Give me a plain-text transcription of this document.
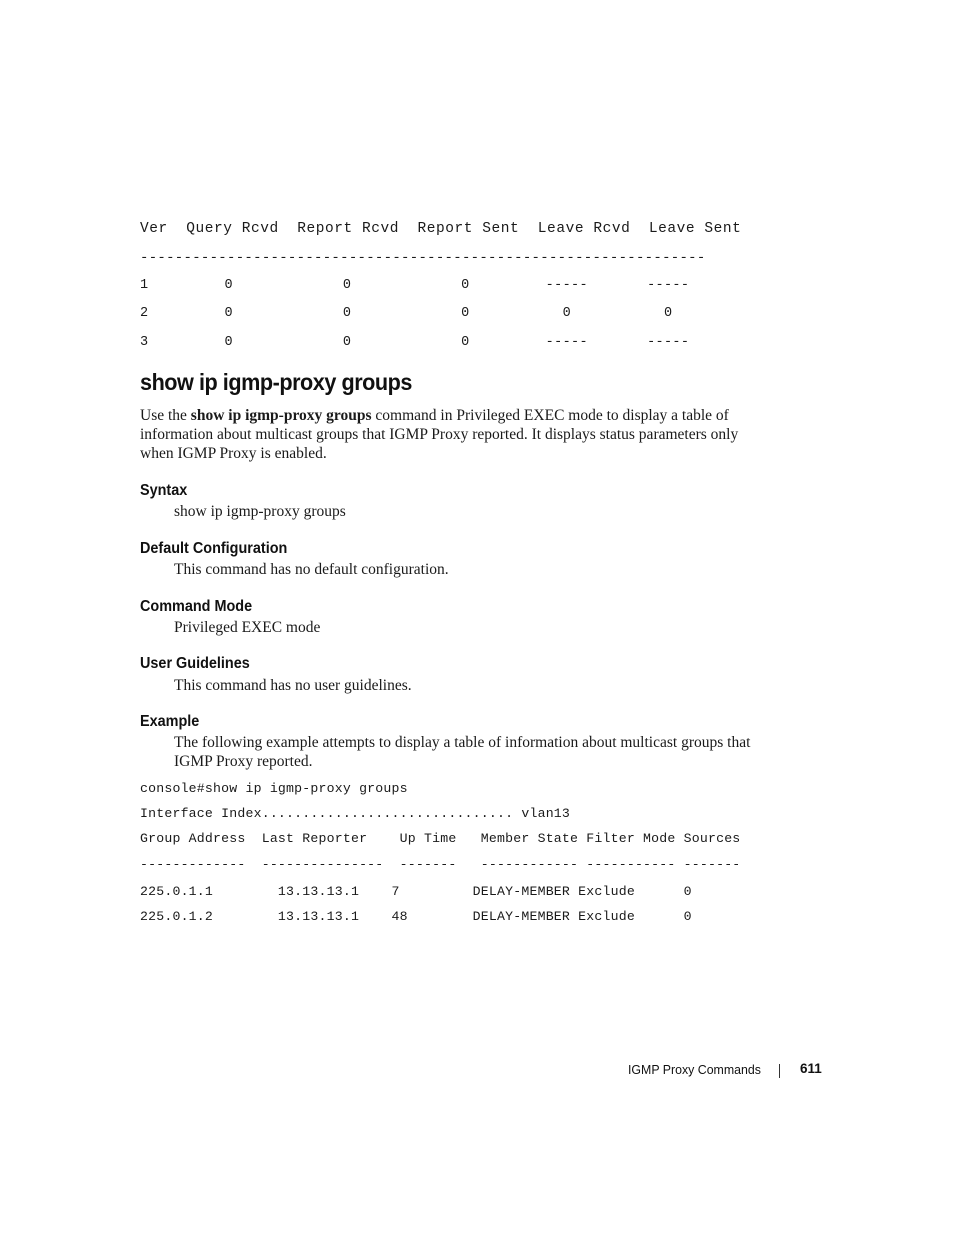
Ver  Query Rcvd  Report Rcvd  Report Sent  Leave Rcvd  Leave Sent
-----------------------------------------------------------------
1         0             0             0         -----       -----
2         0             0             0           0           0
3         0             0             0         -----       -----
show ip igmp-proxy groups
Use the show ip igmp-proxy groups command in Privileged EXEC mode to display a table of information about multicast groups that IGMP Proxy reported. It displays status parameters only when IGMP Proxy is enabled.
Syntax
show ip igmp-proxy groups
Default Configuration
This command has no default configuration.
Command Mode
Privileged EXEC mode
User Guidelines
This command has no user guidelines.
Example
The following example attempts to display a table of information about multicast groups that IGMP Proxy reported.
console#show ip igmp-proxy groups
Interface Index............................... vlan13
Group Address  Last Reporter    Up Time   Member State Filter Mode Sources
-------------  ---------------  -------   ------------ ----------- -------
225.0.1.1        13.13.13.1    7         DELAY-MEMBER Exclude      0
225.0.1.2        13.13.13.1    48        DELAY-MEMBER Exclude      0
IGMP Proxy Commands	611
